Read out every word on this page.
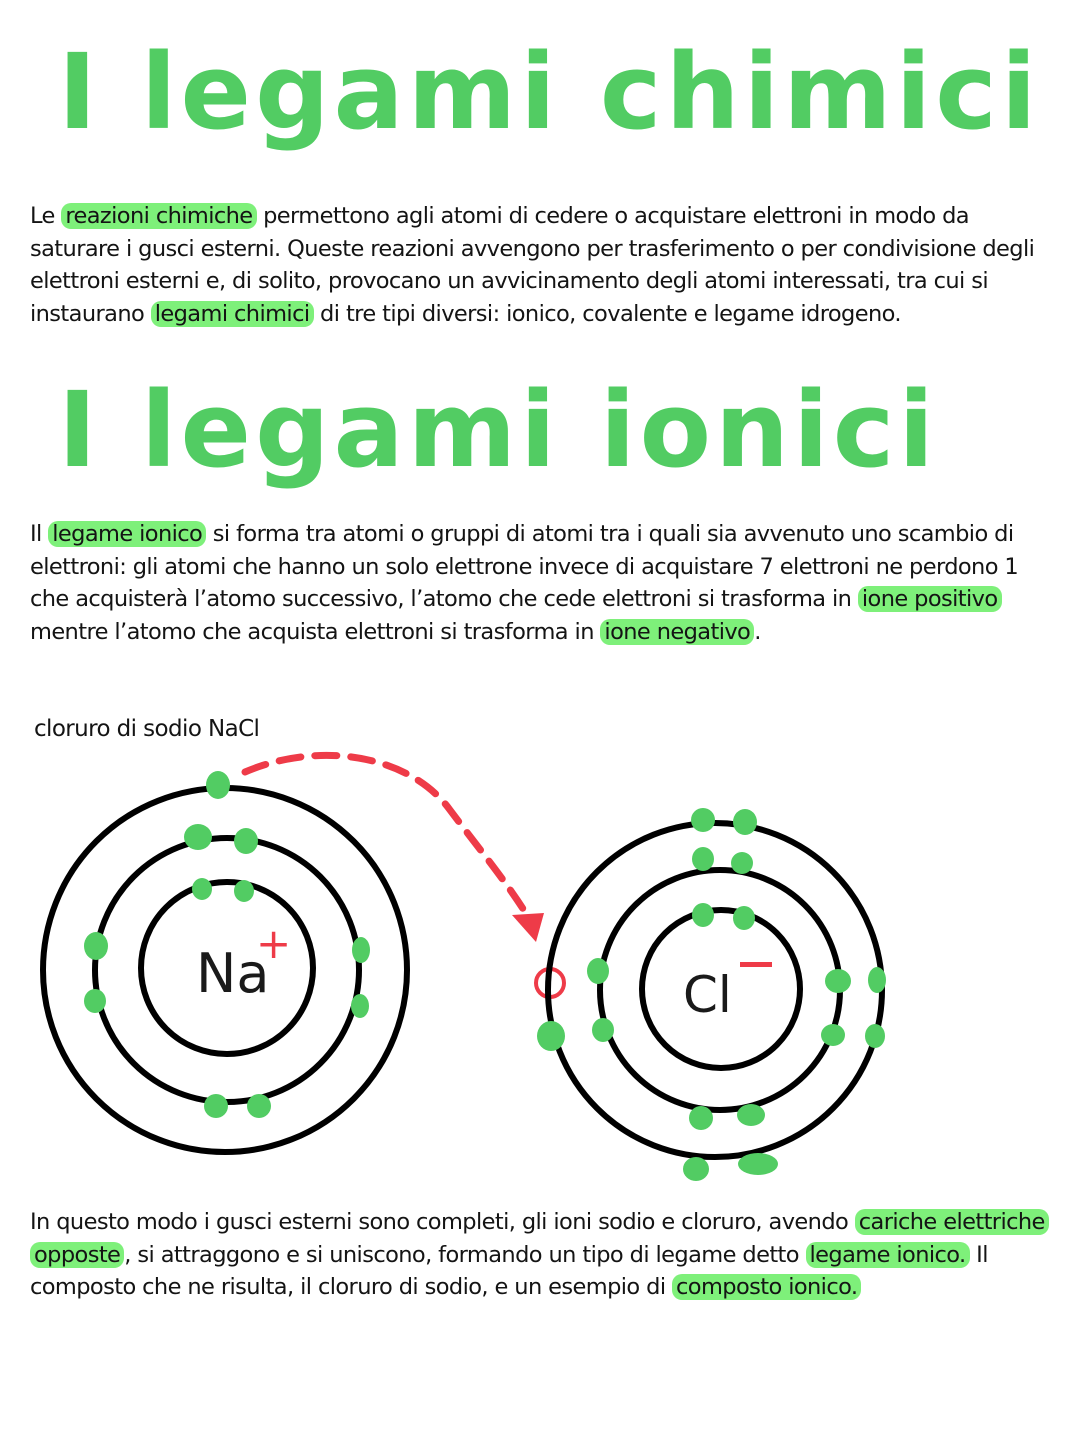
I legami chimici

Le reazioni chimiche permettono agli atomi di cedere o acquistare elettroni in modo da saturare i gusci esterni. Queste reazioni avvengono per trasferimento o per condivisione degli elettroni esterni e, di solito, provocano un avvicinamento degli atomi interessati, tra cui si instaurano legami chimici di tre tipi diversi: ionico, covalente e legame idrogeno.

I legami ionici

Il legame ionico si forma tra atomi o gruppi di atomi tra i quali sia avvenuto uno scambio di elettroni: gli atomi che hanno un solo elettrone invece di acquistare 7 elettroni ne perdono 1 che acquisterà l’atomo successivo, l’atomo che cede elettroni si trasforma in ione positivo mentre l’atomo che acquista elettroni si trasforma in ione negativo .

cloruro di sodio NaCl

Na
+
Cl

In questo modo i gusci esterni sono completi, gli ioni sodio e cloruro, avendo cariche elettriche opposte , si attraggono e si uniscono, formando un tipo di legame detto legame ionico. Il composto che ne risulta, il cloruro di sodio, e un esempio di composto ionico.
